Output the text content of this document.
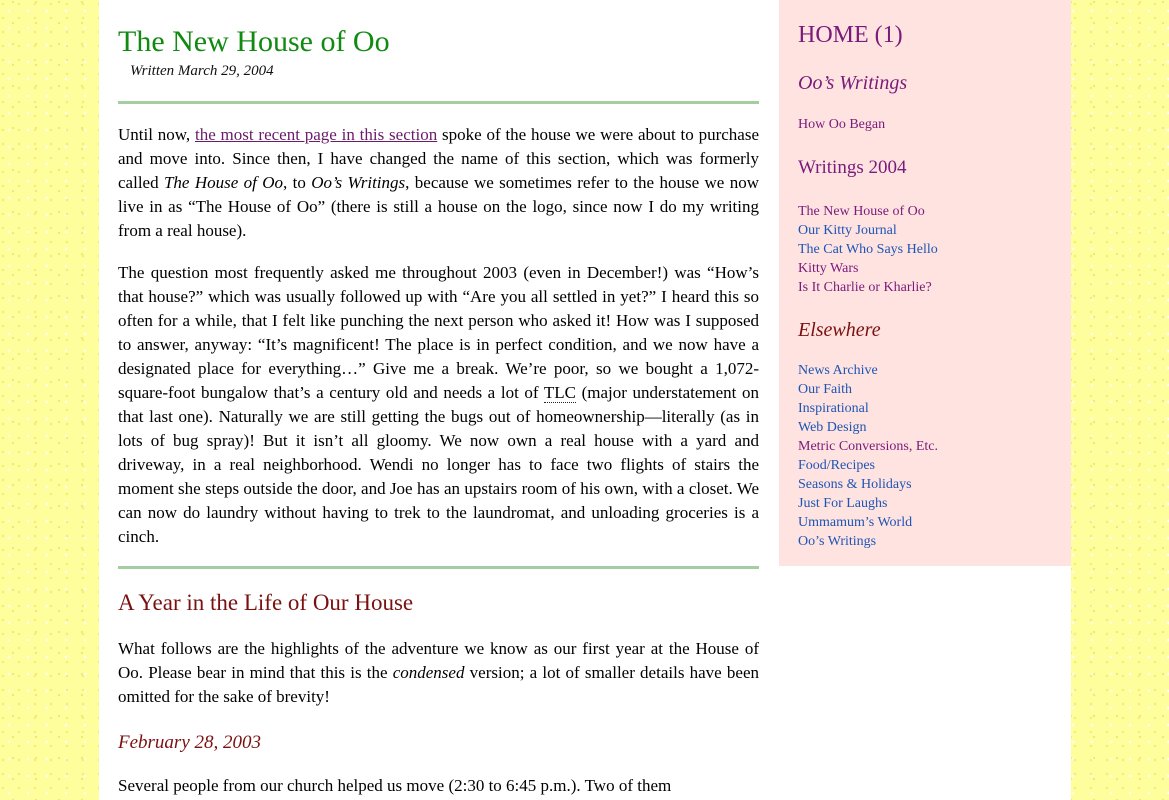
The New House of Oo
Written March 29, 2004

Until now, the most recent page in this section spoke of the house we were about to purchase and move into. Since then, I have changed the name of this section, which was formerly called The House of Oo, to Oo’s Writings, because we sometimes refer to the house we now live in as “The House of Oo” (there is still a house on the logo, since now I do my writing from a real house).

The question most frequently asked me throughout 2003 (even in December!) was “How’s that house?” which was usually followed up with “Are you all settled in yet?” I heard this so often for a while, that I felt like punching the next person who asked it! How was I supposed to answer, anyway: “It’s magnificent! The place is in perfect condition, and we now have a designated place for everything…” Give me a break. We’re poor, so we bought a 1,072-square-foot bungalow that’s a century old and needs a lot of TLC (major understatement on that last one). Naturally we are still getting the bugs out of homeownership—literally (as in lots of bug spray)! But it isn’t all gloomy. We now own a real house with a yard and driveway, in a real neighborhood. Wendi no longer has to face two flights of stairs the moment she steps outside the door, and Joe has an upstairs room of his own, with a closet. We can now do laundry without having to trek to the laundromat, and unloading groceries is a cinch.

A Year in the Life of Our House

What follows are the highlights of the adventure we know as our first year at the House of Oo. Please bear in mind that this is the condensed version; a lot of smaller details have been omitted for the sake of brevity!

February 28, 2003

Several people from our church helped us move (2:30 to 6:45 p.m.). Two of them

HOME (1)
Oo’s Writings
How Oo Began
Writings 2004
The New House of Oo
Our Kitty Journal
The Cat Who Says Hello
Kitty Wars
Is It Charlie or Kharlie?
Elsewhere
News Archive
Our Faith
Inspirational
Web Design
Metric Conversions, Etc.
Food/Recipes
Seasons & Holidays
Just For Laughs
Ummamum’s World
Oo’s Writings
